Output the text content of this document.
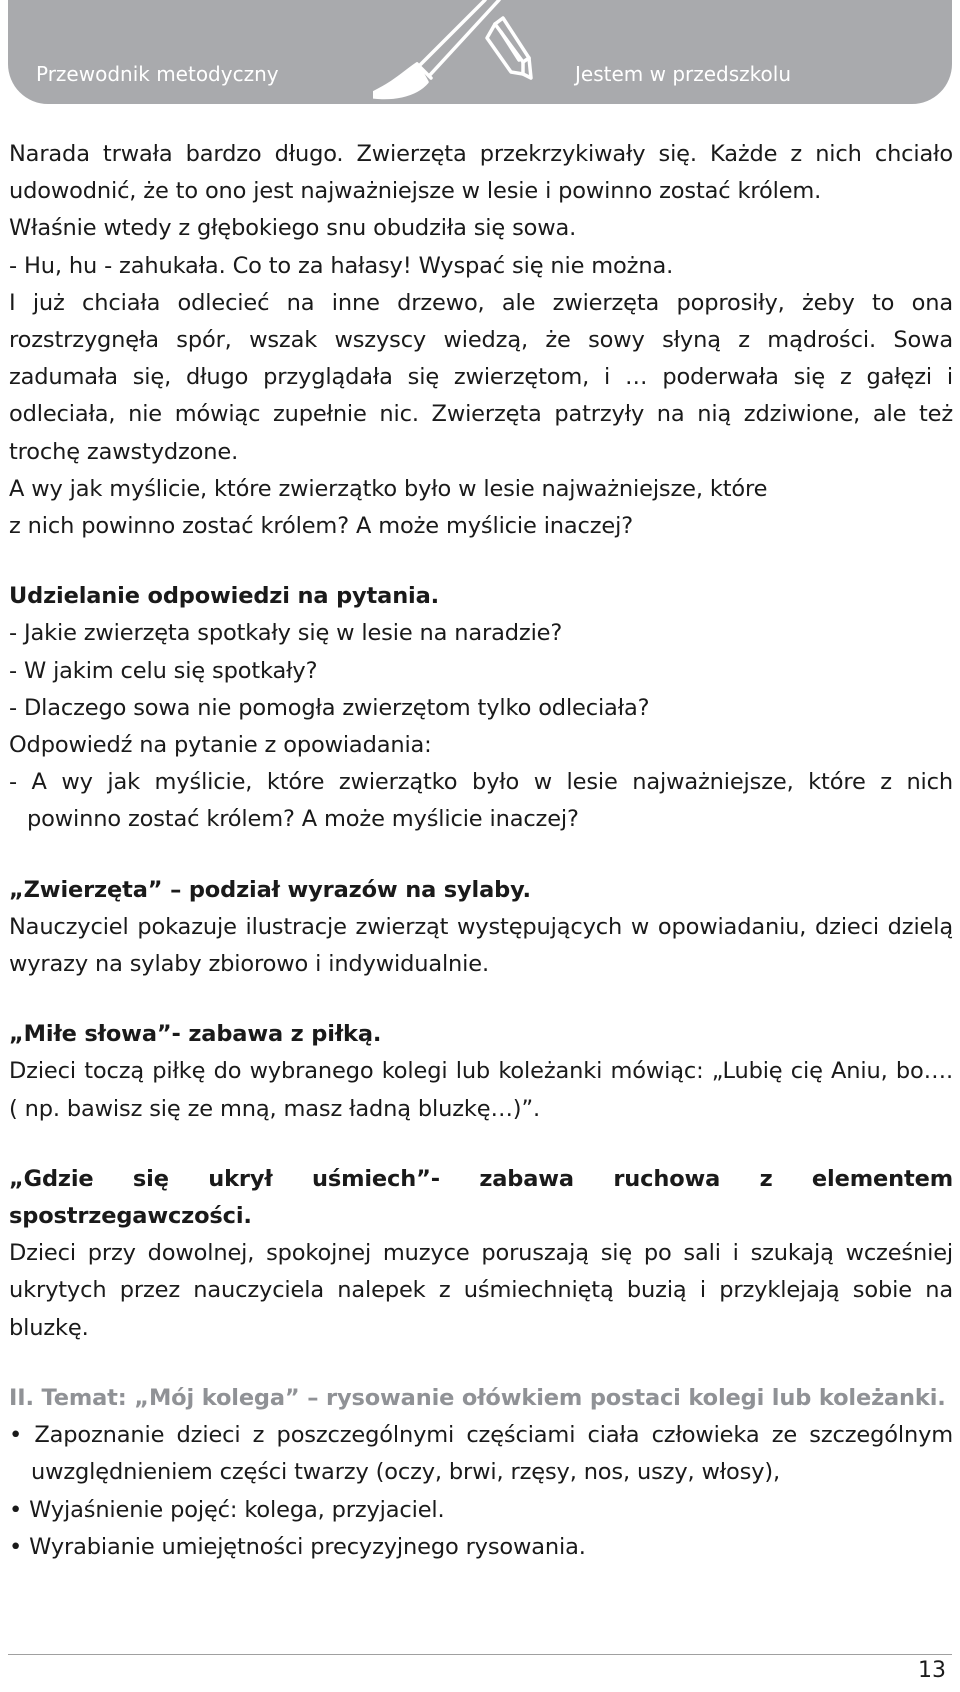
Przewodnik metodyczny	Jestem w przedszkolu

Narada trwała bardzo długo. Zwierzęta przekrzykiwały się. Każde z nich chciało udowodnić, że to ono jest najważniejsze w lesie i powinno zostać królem.

Właśnie wtedy z głębokiego snu obudziła się sowa.

- Hu, hu - zahukała. Co to za hałasy! Wyspać się nie można.

I już chciała odlecieć na inne drzewo, ale zwierzęta poprosiły, żeby to ona rozstrzygnęła spór, wszak wszyscy wiedzą, że sowy słyną z mądrości. Sowa zadumała się, długo przyglądała się zwierzętom, i … poderwała się z gałęzi i odleciała, nie mówiąc zupełnie nic. Zwierzęta patrzyły na nią zdziwione, ale też trochę zawstydzone.

A wy jak myślicie, które zwierzątko było w lesie najważniejsze, które

z nich powinno zostać królem? A może myślicie inaczej?

Udzielanie odpowiedzi na pytania.

- Jakie zwierzęta spotkały się w lesie na naradzie?

- W jakim celu się spotkały?

- Dlaczego sowa nie pomogła zwierzętom tylko odleciała?

Odpowiedź na pytanie z opowiadania:

- A wy jak myślicie, które zwierzątko było w lesie najważniejsze, które z nich powinno zostać królem? A może myślicie inaczej?

„Zwierzęta” – podział wyrazów na sylaby.

Nauczyciel pokazuje ilustracje zwierząt występujących w opowiadaniu, dzieci dzielą wyrazy na sylaby zbiorowo i indywidualnie.

„Miłe słowa”- zabawa z piłką.

Dzieci toczą piłkę do wybranego kolegi lub koleżanki mówiąc: „Lubię cię Aniu, bo…. ( np. bawisz się ze mną, masz ładną bluzkę…)”.

„Gdzie się ukrył uśmiech”- zabawa ruchowa z elementem spostrzegawczości.

Dzieci przy dowolnej, spokojnej muzyce poruszają się po sali i szukają wcześniej ukrytych przez nauczyciela nalepek z uśmiechniętą buzią i przyklejają sobie na bluzkę.

II. Temat: „Mój kolega” – rysowanie ołówkiem postaci kolegi lub koleżanki.

• Zapoznanie dzieci z poszczególnymi częściami ciała człowieka ze szczególnym uwzględnieniem części twarzy (oczy, brwi, rzęsy, nos, uszy, włosy),

• Wyjaśnienie pojęć: kolega, przyjaciel.

• Wyrabianie umiejętności precyzyjnego rysowania.

13
